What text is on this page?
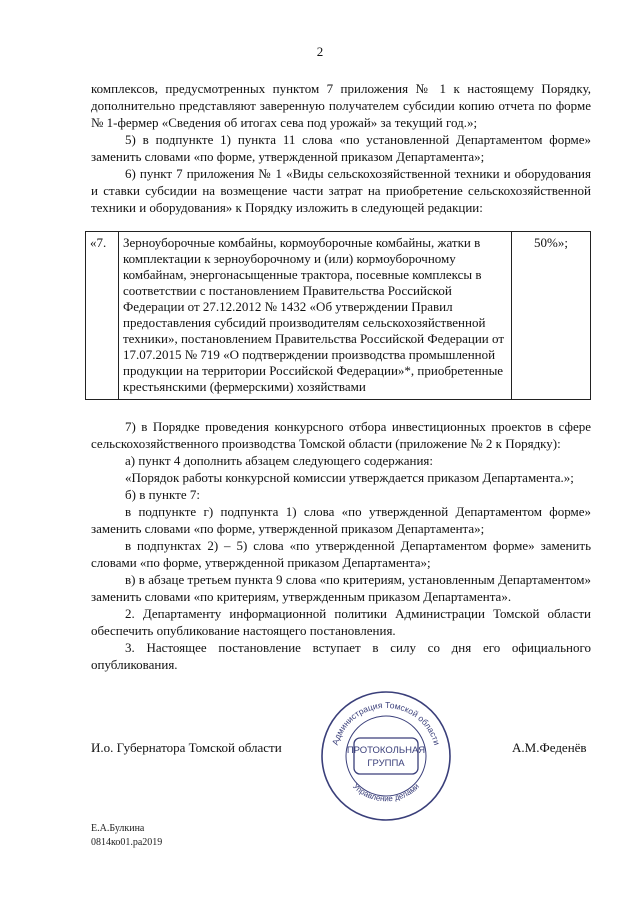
2

комплексов, предусмотренных пунктом 7 приложения № 1 к настоящему Порядку, дополнительно представляют заверенную получателем субсидии копию отчета по форме № 1-фермер «Сведения об итогах сева под урожай» за текущий год.»;

5) в подпункте 1) пункта 11 слова «по установленной Департаментом форме» заменить словами «по форме, утвержденной приказом Департамента»;

6) пункт 7 приложения № 1 «Виды сельскохозяйственной техники и оборудования и ставки субсидии на возмещение части затрат на приобретение сельскохозяйственной техники и оборудования» к Порядку изложить в следующей редакции:

«7.	Зерноуборочные комбайны, кормоуборочные комбайны, жатки в комплектации к зерноуборочному и (или) кормоуборочному комбайнам, энергонасыщенные трактора, посевные комплексы в соответствии с постановлением Правительства Российской Федерации от 27.12.2012 № 1432 «Об утверждении Правил предоставления субсидий производителям сельскохозяйственной техники», постановлением Правительства Российской Федерации от 17.07.2015 № 719 «О подтверждении производства промышленной продукции на территории Российской Федерации»*, приобретенные крестьянскими (фермерскими) хозяйствами	50%»;

7) в Порядке проведения конкурсного отбора инвестиционных проектов в сфере сельскохозяйственного производства Томской области (приложение № 2 к Порядку):

а) пункт 4 дополнить абзацем следующего содержания:

«Порядок работы конкурсной комиссии утверждается приказом Департамента.»;

б) в пункте 7:

в подпункте г) подпункта 1) слова «по утвержденной Департаментом форме» заменить словами «по форме, утвержденной приказом Департамента»;

в подпунктах 2) – 5) слова «по утвержденной Департаментом форме» заменить словами «по форме, утвержденной приказом Департамента»;

в) в абзаце третьем пункта 9 слова «по критериям, установленным Департаментом» заменить словами «по критериям, утвержденным приказом Департамента».

2. Департаменту информационной политики Администрации Томской области обеспечить опубликование настоящего постановления.

3. Настоящее постановление вступает в силу со дня его официального опубликования.

Администрация Томской области
ПРОТОКОЛЬНАЯ
ГРУППА
Управление делами
И.о. Губернатора Томской области	А.М.Феденёв
Е.А.Булкина
0814ко01.ра2019
